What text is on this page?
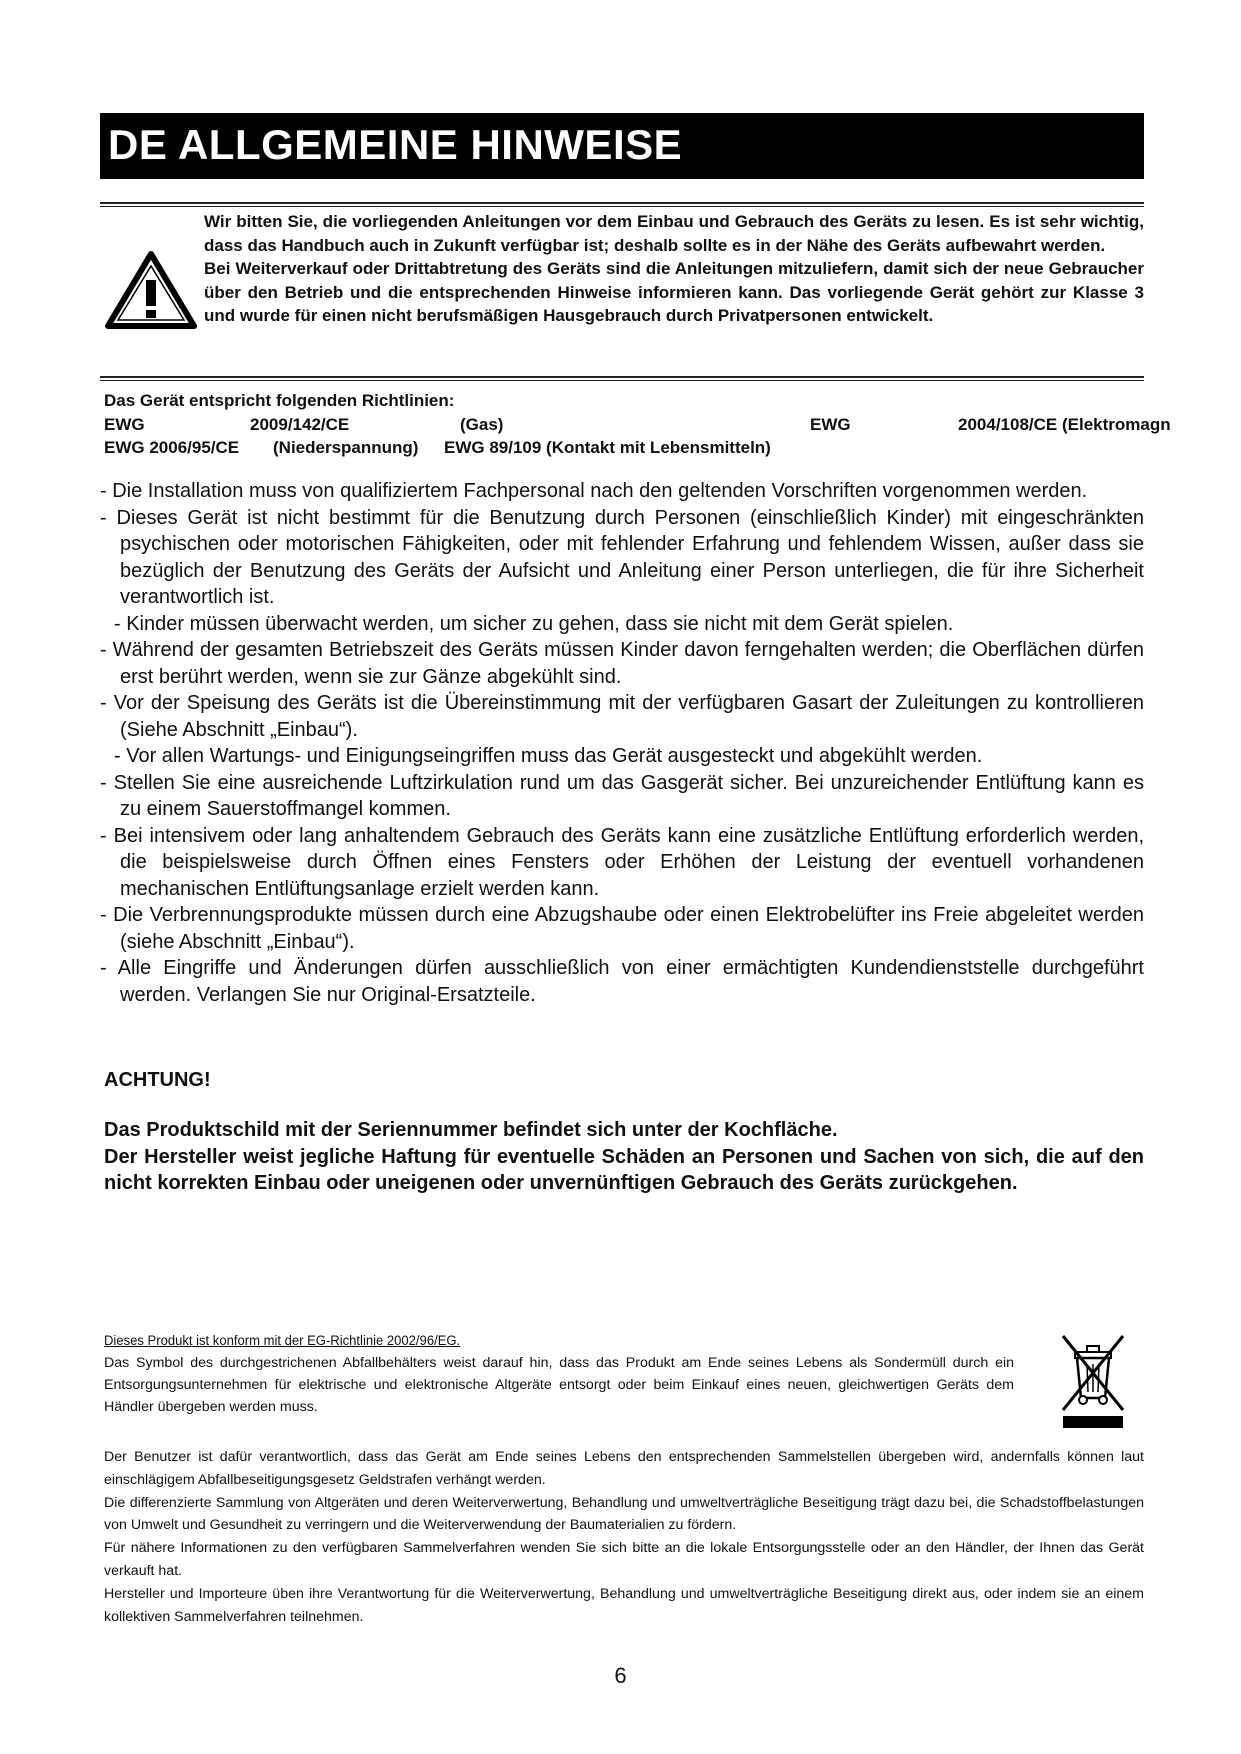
DE ALLGEMEINE HINWEISE

Wir bitten Sie, die vorliegenden Anleitungen vor dem Einbau und Gebrauch des Geräts zu lesen. Es ist sehr wichtig, dass das Handbuch auch in Zukunft verfügbar ist; deshalb sollte es in der Nähe des Geräts aufbewahrt werden.

Bei Weiterverkauf oder Drittabtretung des Geräts sind die Anleitungen mitzuliefern, damit sich der neue Gebraucher über den Betrieb und die entsprechenden Hinweise informieren kann. Das vorliegende Gerät gehört zur Klasse 3 und wurde für einen nicht berufsmäßigen Hausgebrauch durch Privatpersonen entwickelt.

Das Gerät entspricht folgenden Richtlinien:
EWG	2009/142/CE	(Gas)	EWG	2004/108/CE (Elektromagn
EWG 2006/95/CE (Niederspannung) EWG 89/109 (Kontakt mit Lebensmitteln)

- Die Installation muss von qualifiziertem Fachpersonal nach den geltenden Vorschriften vorgenommen werden.

- Dieses Gerät ist nicht bestimmt für die Benutzung durch Personen (einschließlich Kinder) mit eingeschränkten psychischen oder motorischen Fähigkeiten, oder mit fehlender Erfahrung und fehlendem Wissen, außer dass sie bezüglich der Benutzung des Geräts der Aufsicht und Anleitung einer Person unterliegen, die für ihre Sicherheit verantwortlich ist.

- Kinder müssen überwacht werden, um sicher zu gehen, dass sie nicht mit dem Gerät spielen.

- Während der gesamten Betriebszeit des Geräts müssen Kinder davon ferngehalten werden; die Oberflächen dürfen erst berührt werden, wenn sie zur Gänze abgekühlt sind.

- Vor der Speisung des Geräts ist die Übereinstimmung mit der verfügbaren Gasart der Zuleitungen zu kontrollieren (Siehe Abschnitt „Einbau“).

- Vor allen Wartungs- und Einigungseingriffen muss das Gerät ausgesteckt und abgekühlt werden.

- Stellen Sie eine ausreichende Luftzirkulation rund um das Gasgerät sicher. Bei unzureichender Entlüftung kann es zu einem Sauerstoffmangel kommen.

- Bei intensivem oder lang anhaltendem Gebrauch des Geräts kann eine zusätzliche Entlüftung erforderlich werden, die beispielsweise durch Öffnen eines Fensters oder Erhöhen der Leistung der eventuell vorhandenen mechanischen Entlüftungsanlage erzielt werden kann.

- Die Verbrennungsprodukte müssen durch eine Abzugshaube oder einen Elektrobelüfter ins Freie abgeleitet werden (siehe Abschnitt „Einbau“).

- Alle Eingriffe und Änderungen dürfen ausschließlich von einer ermächtigten Kundendienststelle durchgeführt werden. Verlangen Sie nur Original-Ersatzteile.

ACHTUNG!

Das Produktschild mit der Seriennummer befindet sich unter der Kochfläche.

Der Hersteller weist jegliche Haftung für eventuelle Schäden an Personen und Sachen von sich, die auf den nicht korrekten Einbau oder uneigenen oder unvernünftigen Gebrauch des Geräts zurückgehen.

Dieses Produkt ist konform mit der EG-Richtlinie 2002/96/EG.

Das Symbol des durchgestrichenen Abfallbehälters weist darauf hin, dass das Produkt am Ende seines Lebens als Sondermüll durch ein Entsorgungsunternehmen für elektrische und elektronische Altgeräte entsorgt oder beim Einkauf eines neuen, gleichwertigen Geräts dem Händler übergeben werden muss.

Der Benutzer ist dafür verantwortlich, dass das Gerät am Ende seines Lebens den entsprechenden Sammelstellen übergeben wird, andernfalls können laut einschlägigem Abfallbeseitigungsgesetz Geldstrafen verhängt werden.

Die differenzierte Sammlung von Altgeräten und deren Weiterverwertung, Behandlung und umweltverträgliche Beseitigung trägt dazu bei, die Schadstoffbelastungen von Umwelt und Gesundheit zu verringern und die Weiterverwendung der Baumaterialien zu fördern.

Für nähere Informationen zu den verfügbaren Sammelverfahren wenden Sie sich bitte an die lokale Entsorgungsstelle oder an den Händler, der Ihnen das Gerät verkauft hat.

Hersteller und Importeure üben ihre Verantwortung für die Weiterverwertung, Behandlung und umweltverträgliche Beseitigung direkt aus, oder indem sie an einem kollektiven Sammelverfahren teilnehmen.

6
